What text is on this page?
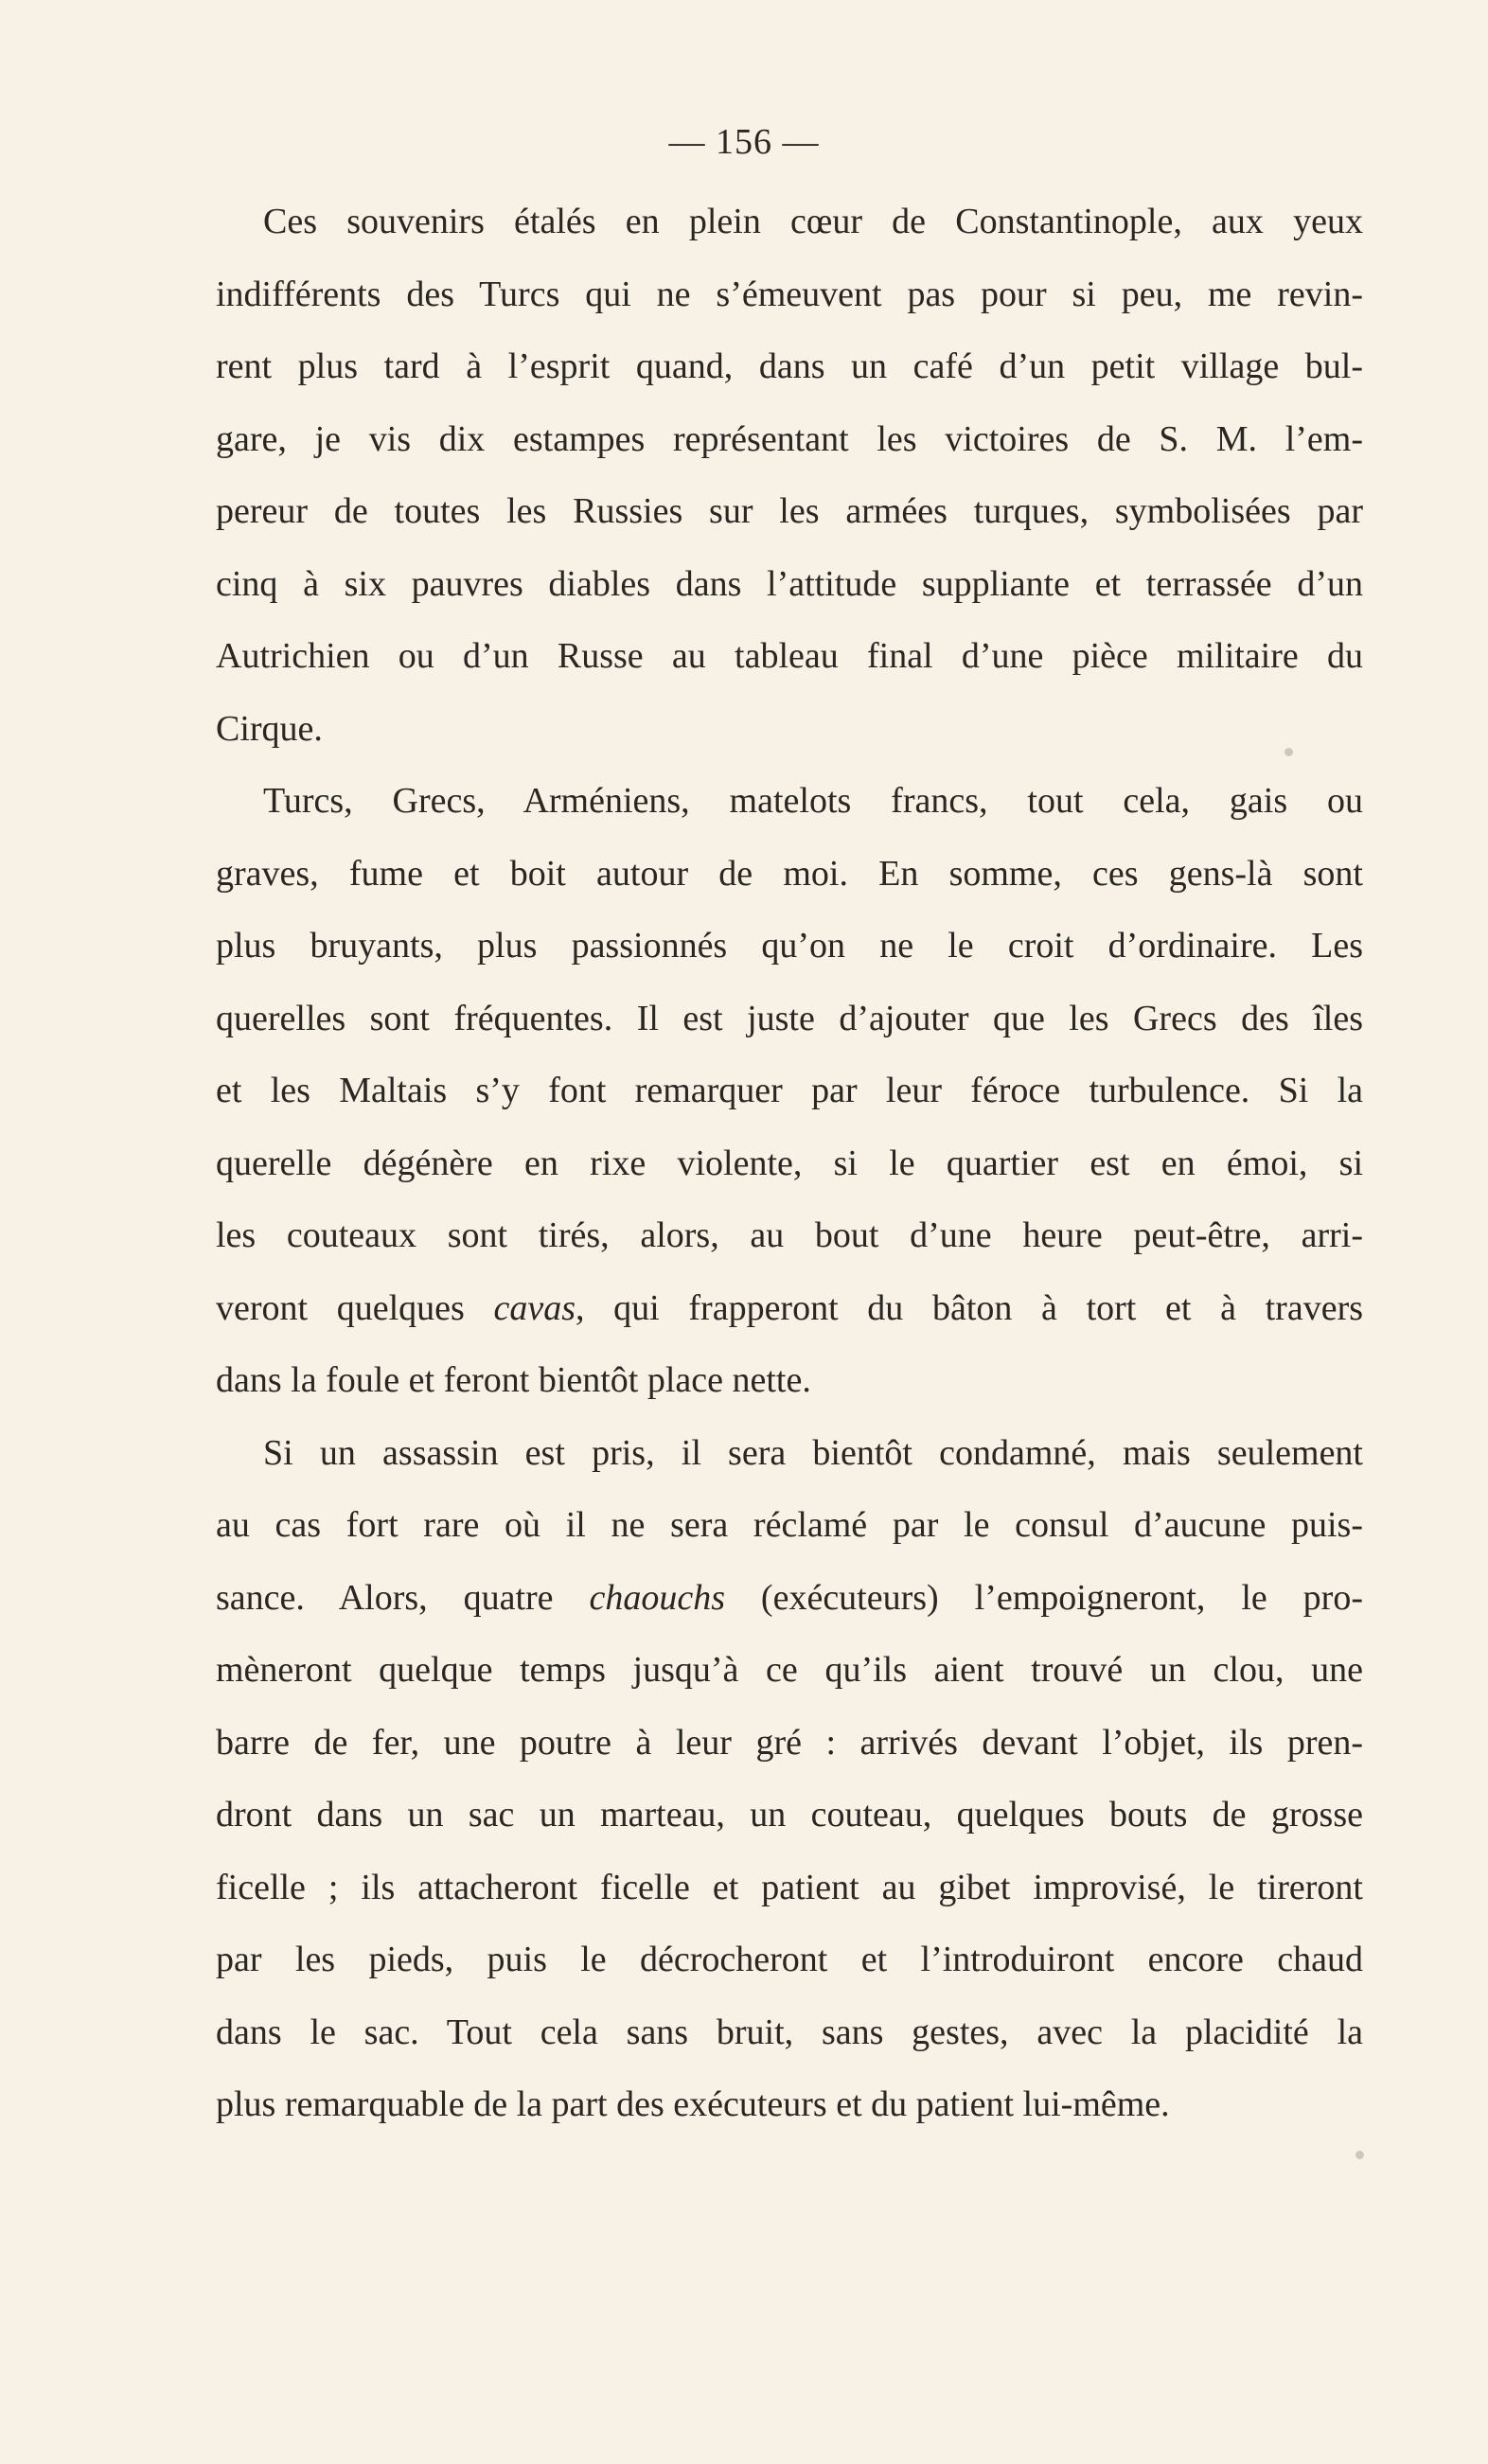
— 156 —
Ces souvenirs étalés en plein cœur de Constantinople, aux yeux
indifférents des Turcs qui ne s’émeuvent pas pour si peu, me revin-
rent plus tard à l’esprit quand, dans un café d’un petit village bul-
gare, je vis dix estampes représentant les victoires de S. M. l’em-
pereur de toutes les Russies sur les armées turques, symbolisées par
cinq à six pauvres diables dans l’attitude suppliante et terrassée d’un
Autrichien ou d’un Russe au tableau final d’une pièce militaire du
Cirque.
Turcs, Grecs, Arméniens, matelots francs, tout cela, gais ou
graves, fume et boit autour de moi. En somme, ces gens-là sont
plus bruyants, plus passionnés qu’on ne le croit d’ordinaire. Les
querelles sont fréquentes. Il est juste d’ajouter que les Grecs des îles
et les Maltais s’y font remarquer par leur féroce turbulence. Si la
querelle dégénère en rixe violente, si le quartier est en émoi, si
les couteaux sont tirés, alors, au bout d’une heure peut-être, arri-
veront quelques cavas, qui frapperont du bâton à tort et à travers
dans la foule et feront bientôt place nette.
Si un assassin est pris, il sera bientôt condamné, mais seulement
au cas fort rare où il ne sera réclamé par le consul d’aucune puis-
sance. Alors, quatre chaouchs (exécuteurs) l’empoigneront, le pro-
mèneront quelque temps jusqu’à ce qu’ils aient trouvé un clou, une
barre de fer, une poutre à leur gré : arrivés devant l’objet, ils pren-
dront dans un sac un marteau, un couteau, quelques bouts de grosse
ficelle ; ils attacheront ficelle et patient au gibet improvisé, le tireront
par les pieds, puis le décrocheront et l’introduiront encore chaud
dans le sac. Tout cela sans bruit, sans gestes, avec la placidité la
plus remarquable de la part des exécuteurs et du patient lui-même.
